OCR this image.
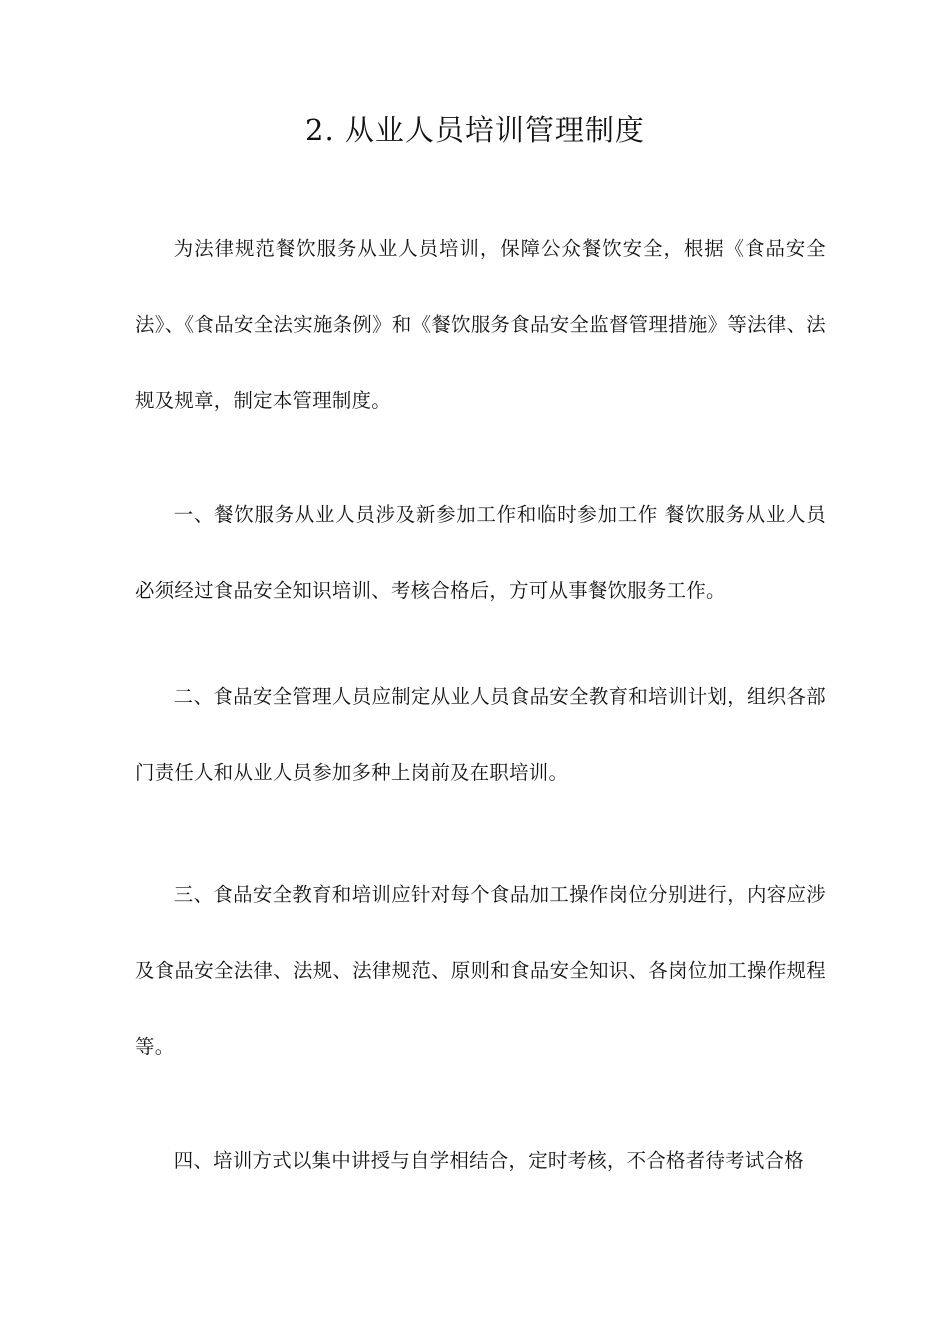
2. 从业人员培训管理制度

为法律规范餐饮服务从业人员培训，保障公众餐饮安全，根据《食品安全法》、《食品安全法实施条例》和《餐饮服务食品安全监督管理措施》等法律、法规及规章，制定本管理制度。

一、餐饮服务从业人员涉及新参加工作和临时参加工作 餐饮服务从业人员必须经过食品安全知识培训、考核合格后，方可从事餐饮服务工作。

二、食品安全管理人员应制定从业人员食品安全教育和培训计划，组织各部门责任人和从业人员参加多种上岗前及在职培训。

三、食品安全教育和培训应针对每个食品加工操作岗位分别进行，内容应涉及食品安全法律、法规、法律规范、原则和食品安全知识、各岗位加工操作规程等。

四、培训方式以集中讲授与自学相结合，定时考核，不合格者待考试合格
